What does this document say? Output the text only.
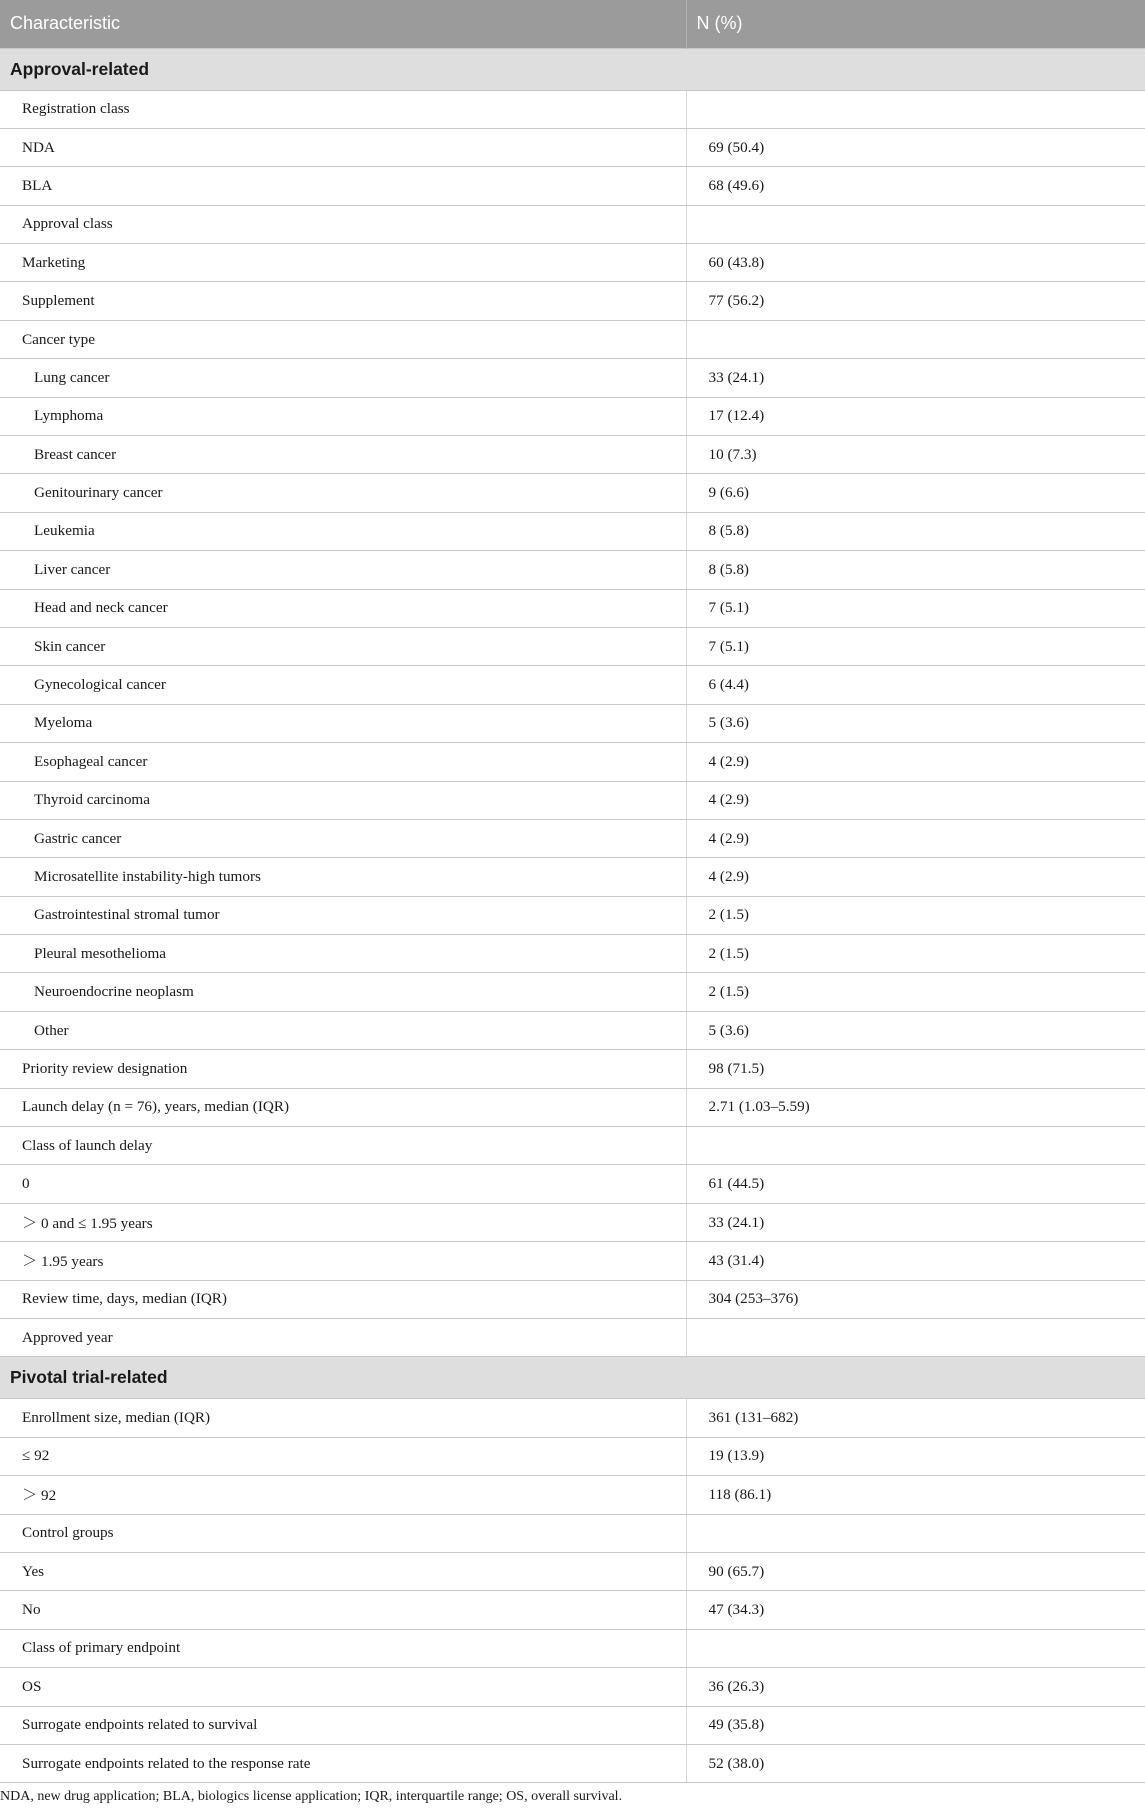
Characteristic	N (%)
Approval-related	
Registration class	
NDA	69 (50.4)
BLA	68 (49.6)
Approval class	
Marketing	60 (43.8)
Supplement	77 (56.2)
Cancer type	
Lung cancer	33 (24.1)
Lymphoma	17 (12.4)
Breast cancer	10 (7.3)
Genitourinary cancer	9 (6.6)
Leukemia	8 (5.8)
Liver cancer	8 (5.8)
Head and neck cancer	7 (5.1)
Skin cancer	7 (5.1)
Gynecological cancer	6 (4.4)
Myeloma	5 (3.6)
Esophageal cancer	4 (2.9)
Thyroid carcinoma	4 (2.9)
Gastric cancer	4 (2.9)
Microsatellite instability-high tumors	4 (2.9)
Gastrointestinal stromal tumor	2 (1.5)
Pleural mesothelioma	2 (1.5)
Neuroendocrine neoplasm	2 (1.5)
Other	5 (3.6)
Priority review designation	98 (71.5)
Launch delay (n = 76), years, median (IQR)	2.71 (1.03–5.59)
Class of launch delay	
0	61 (44.5)
＞ 0 and ≤ 1.95 years	33 (24.1)
＞ 1.95 years	43 (31.4)
Review time, days, median (IQR)	304 (253–376)
Approved year	
Pivotal trial-related	
Enrollment size, median (IQR)	361 (131–682)
≤ 92	19 (13.9)
＞ 92	118 (86.1)
Control groups	
Yes	90 (65.7)
No	47 (34.3)
Class of primary endpoint	
OS	36 (26.3)
Surrogate endpoints related to survival	49 (35.8)
Surrogate endpoints related to the response rate	52 (38.0)
NDA, new drug application; BLA, biologics license application; IQR, interquartile range; OS, overall survival.
